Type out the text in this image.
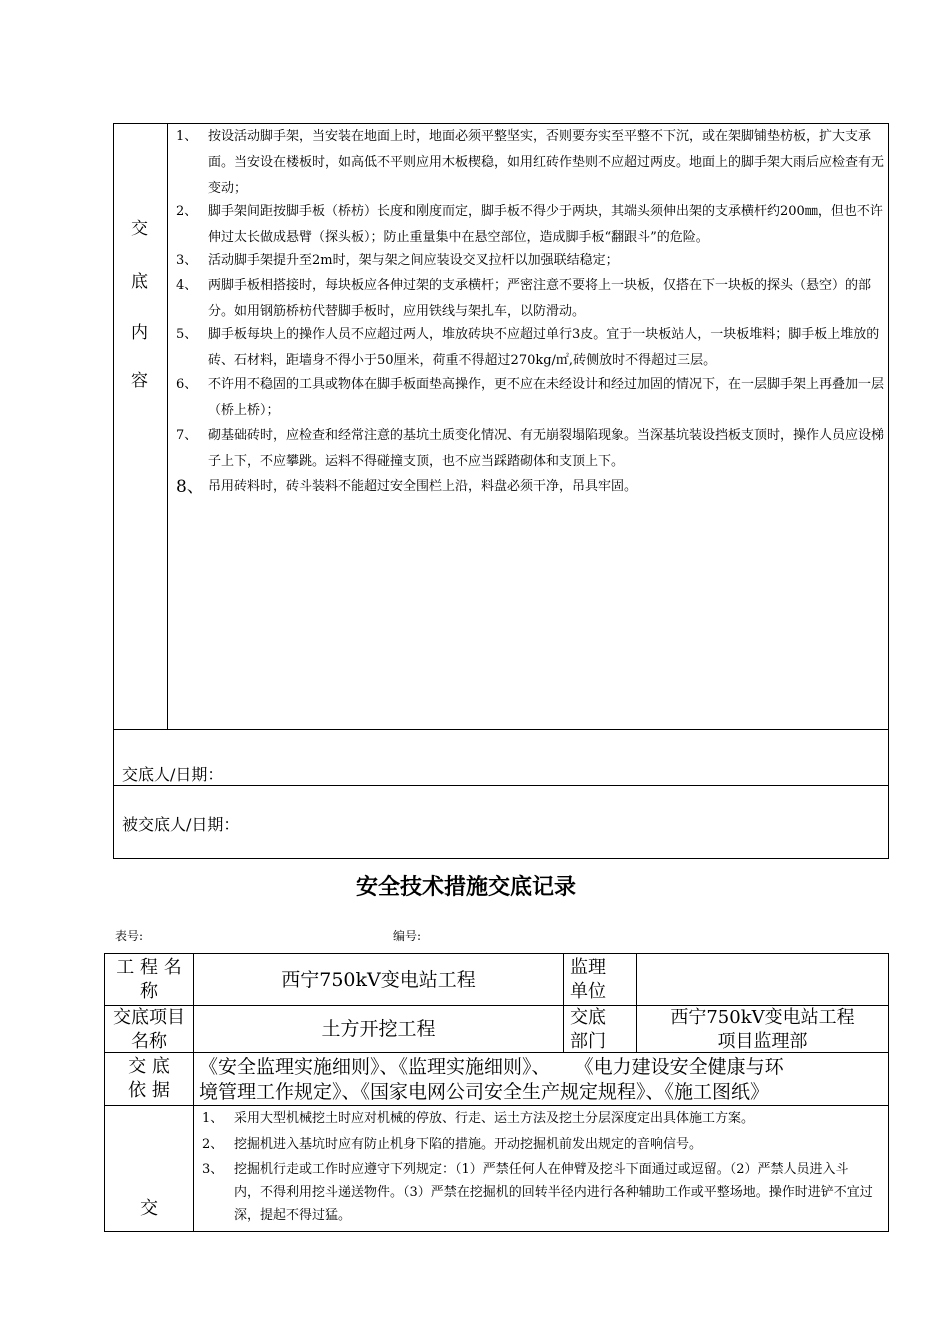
交
底
内
容
1、 按设活动脚手架，当安装在地面上时，地面必须平整坚实，否则要夯实至平整不下沉，或在架脚铺垫枋板，扩大支承面。当安设在楼板时，如高低不平则应用木板楔稳，如用红砖作垫则不应超过两皮。地面上的脚手架大雨后应检查有无变动；
2、 脚手架间距按脚手板（桥枋）长度和刚度而定，脚手板不得少于两块，其端头须伸出架的支承横杆约200㎜，但也不许伸过太长做成悬臂（探头板）；防止重量集中在悬空部位，造成脚手板“翻跟斗”的危险。
3、 活动脚手架提升至2m时，架与架之间应装设交叉拉杆以加强联结稳定；
4、 两脚手板相搭接时，每块板应各伸过架的支承横杆；严密注意不要将上一块板，仅搭在下一块板的探头（悬空）的部分。如用钢筋桥枋代替脚手板时，应用铁线与架扎车，以防滑动。
5、 脚手板每块上的操作人员不应超过两人，堆放砖块不应超过单行3皮。宜于一块板站人，一块板堆料；脚手板上堆放的砖、石材料，距墙身不得小于50厘米，荷重不得超过270kg/㎡,砖侧放时不得超过三层。
6、 不许用不稳固的工具或物体在脚手板面垫高操作，更不应在未经设计和经过加固的情况下，在一层脚手架上再叠加一层（桥上桥）；
7、 砌基础砖时，应检查和经常注意的基坑土质变化情况、有无崩裂塌陷现象。当深基坑装设挡板支顶时，操作人员应设梯子上下，不应攀跳。运料不得碰撞支顶，也不应当踩踏砌体和支顶上下。
8、 吊用砖料时，砖斗装料不能超过安全围栏上沿，料盘必须干净，吊具牢固。
交底人/日期：
被交底人/日期：
安全技术措施交底记录
表号:	编号:
工 程 名
称
西宁750kV变电站工程
监理
单位
交底项目
名称
土方开挖工程
交底
部门
西宁750kV变电站工程
项目监理部
交 底
依 据
《安全监理实施细则》、《监理实施细则》、    《电力建设安全健康与环
境管理工作规定》、《国家电网公司安全生产规定规程》、《施工图纸》
交
1、 采用大型机械挖土时应对机械的停放、行走、运土方法及挖土分层深度定出具体施工方案。
2、 挖掘机进入基坑时应有防止机身下陷的措施。开动挖掘机前发出规定的音响信号。
3、 挖掘机行走或工作时应遵守下列规定：（1）严禁任何人在伸臂及挖斗下面通过或逗留。（2）严禁人员进入斗内，不得利用挖斗递送物件。（3）严禁在挖掘机的回转半径内进行各种辅助工作或平整场地。操作时进铲不宜过深，提起不得过猛。
